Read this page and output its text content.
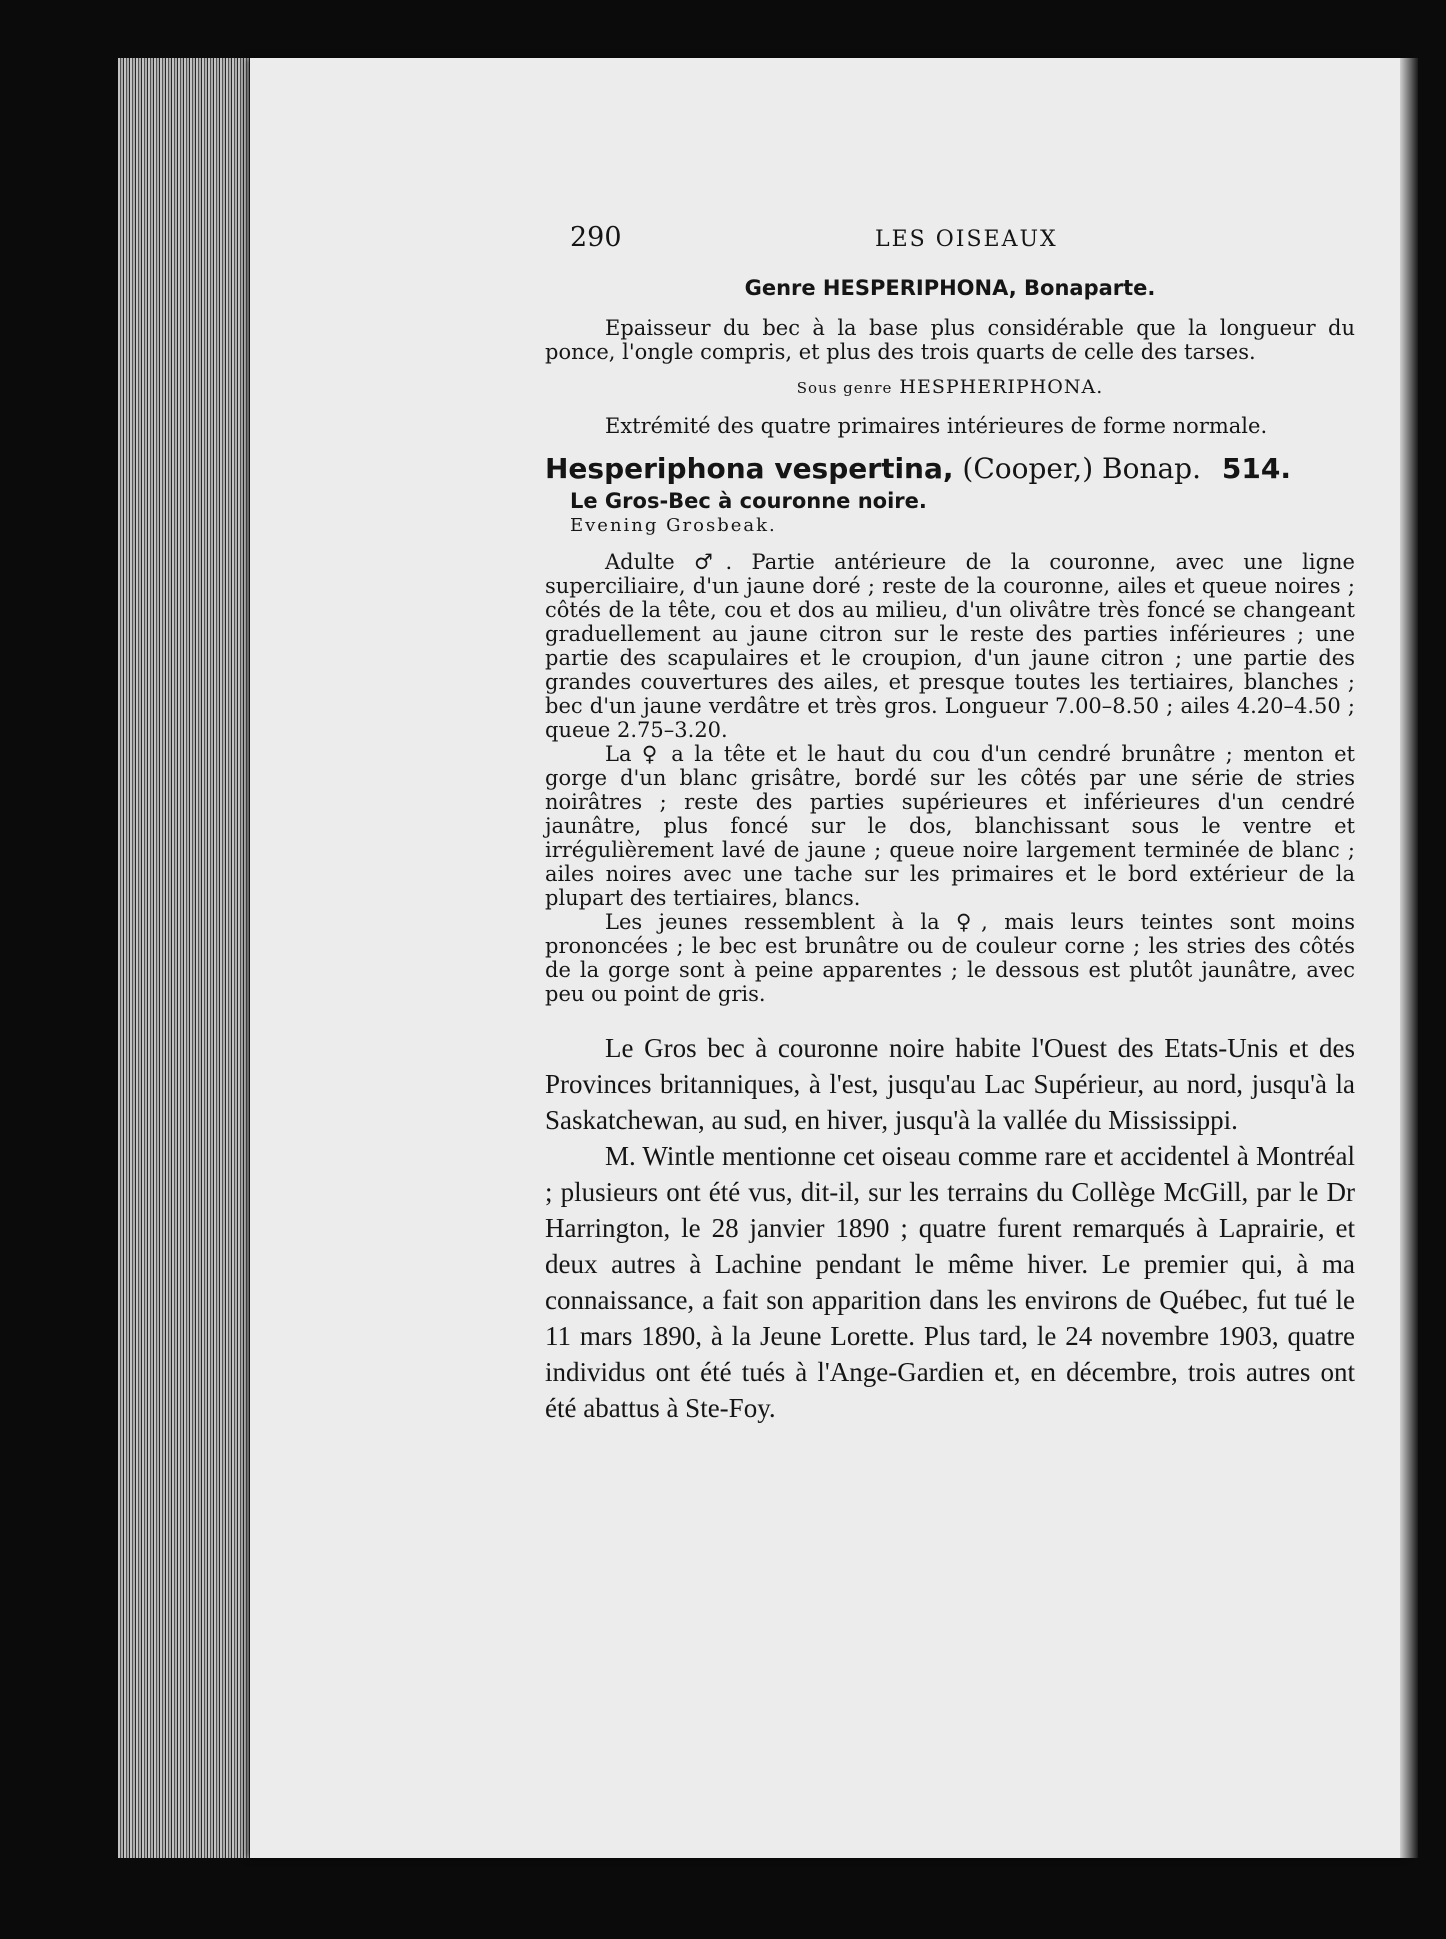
290	LES OISEAUX
Genre HESPERIPHONA, Bonaparte.

Epaisseur du bec à la base plus considérable que la longueur du ponce, l'ongle compris, et plus des trois quarts de celle des tarses.

Sous genre HESPHERIPHONA.

Extrémité des quatre primaires intérieures de forme normale.

Hesperiphona vespertina, (Cooper,) Bonap. 514.
Le Gros-Bec à couronne noire.
Evening Grosbeak.

Adulte ♂. Partie antérieure de la couronne, avec une ligne superciliaire, d'un jaune doré ; reste de la couronne, ailes et queue noires ; côtés de la tête, cou et dos au milieu, d'un olivâtre très foncé se changeant graduellement au jaune citron sur le reste des parties inférieures ; une partie des scapulaires et le croupion, d'un jaune citron ; une partie des grandes couvertures des ailes, et presque toutes les tertiaires, blanches ; bec d'un jaune verdâtre et très gros. Longueur 7.00–8.50 ; ailes 4.20–4.50 ; queue 2.75–3.20.

La ♀ a la tête et le haut du cou d'un cendré brunâtre ; menton et gorge d'un blanc grisâtre, bordé sur les côtés par une série de stries noirâtres ; reste des parties supérieures et inférieures d'un cendré jaunâtre, plus foncé sur le dos, blanchissant sous le ventre et irrégulièrement lavé de jaune ; queue noire largement terminée de blanc ; ailes noires avec une tache sur les primaires et le bord extérieur de la plupart des tertiaires, blancs.

Les jeunes ressemblent à la ♀, mais leurs teintes sont moins prononcées ; le bec est brunâtre ou de couleur corne ; les stries des côtés de la gorge sont à peine apparentes ; le dessous est plutôt jaunâtre, avec peu ou point de gris.

Le Gros bec à couronne noire habite l'Ouest des Etats-Unis et des Provinces britanniques, à l'est, jusqu'au Lac Supérieur, au nord, jusqu'à la Saskatchewan, au sud, en hiver, jusqu'à la vallée du Mississippi.

M. Wintle mentionne cet oiseau comme rare et accidentel à Montréal ; plusieurs ont été vus, dit-il, sur les terrains du Collège McGill, par le Dr Harrington, le 28 janvier 1890 ; quatre furent remarqués à Laprairie, et deux autres à Lachine pendant le même hiver. Le premier qui, à ma connaissance, a fait son apparition dans les environs de Québec, fut tué le 11 mars 1890, à la Jeune Lorette. Plus tard, le 24 novembre 1903, quatre individus ont été tués à l'Ange-Gardien et, en décembre, trois autres ont été abattus à Ste-Foy.
